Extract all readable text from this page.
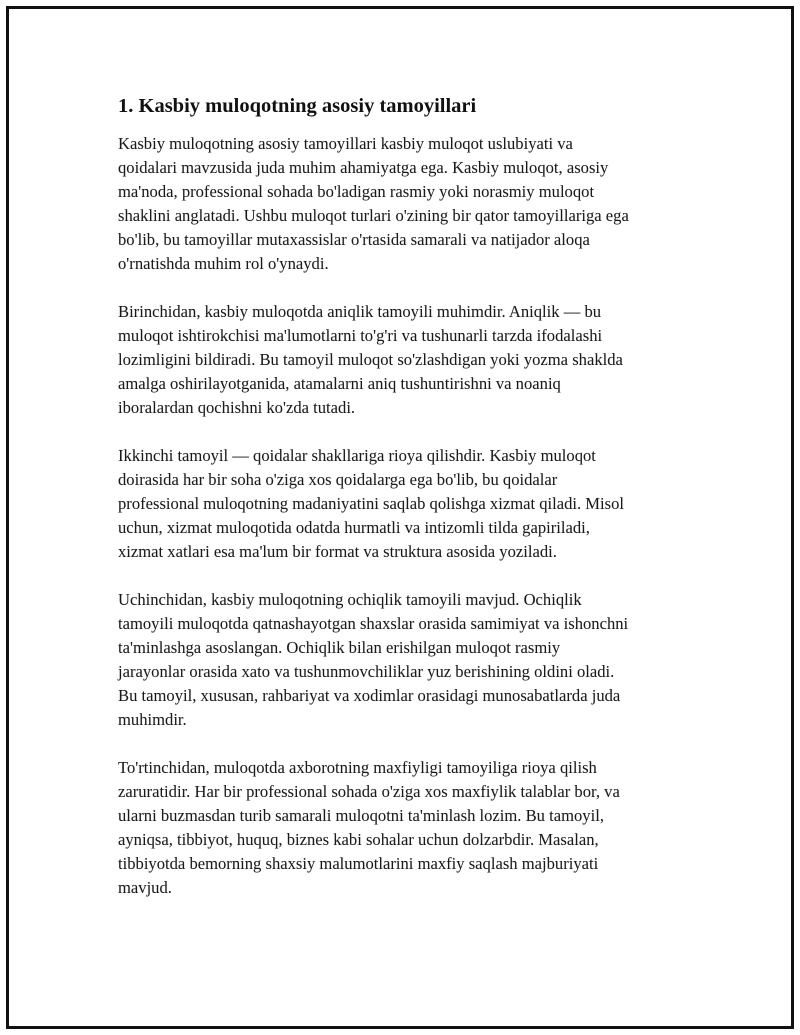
1. Kasbiy muloqotning asosiy tamoyillari

Kasbiy muloqotning asosiy tamoyillari kasbiy muloqot uslubiyati va
qoidalari mavzusida juda muhim ahamiyatga ega. Kasbiy muloqot, asosiy
ma'noda, professional sohada bo'ladigan rasmiy yoki norasmiy muloqot
shaklini anglatadi. Ushbu muloqot turlari o'zining bir qator tamoyillariga ega
bo'lib, bu tamoyillar mutaxassislar o'rtasida samarali va natijador aloqa
o'rnatishda muhim rol o'ynaydi.

Birinchidan, kasbiy muloqotda aniqlik tamoyili muhimdir. Aniqlik — bu
muloqot ishtirokchisi ma'lumotlarni to'g'ri va tushunarli tarzda ifodalashi
lozimligini bildiradi. Bu tamoyil muloqot so'zlashdigan yoki yozma shaklda
amalga oshirilayotganida, atamalarni aniq tushuntirishni va noaniq
iboralardan qochishni ko'zda tutadi.

Ikkinchi tamoyil — qoidalar shakllariga rioya qilishdir. Kasbiy muloqot
doirasida har bir soha o'ziga xos qoidalarga ega bo'lib, bu qoidalar
professional muloqotning madaniyatini saqlab qolishga xizmat qiladi. Misol
uchun, xizmat muloqotida odatda hurmatli va intizomli tilda gapiriladi,
xizmat xatlari esa ma'lum bir format va struktura asosida yoziladi.

Uchinchidan, kasbiy muloqotning ochiqlik tamoyili mavjud. Ochiqlik
tamoyili muloqotda qatnashayotgan shaxslar orasida samimiyat va ishonchni
ta'minlashga asoslangan. Ochiqlik bilan erishilgan muloqot rasmiy
jarayonlar orasida xato va tushunmovchiliklar yuz berishining oldini oladi.
Bu tamoyil, xususan, rahbariyat va xodimlar orasidagi munosabatlarda juda
muhimdir.

To'rtinchidan, muloqotda axborotning maxfiyligi tamoyiliga rioya qilish
zaruratidir. Har bir professional sohada o'ziga xos maxfiylik talablar bor, va
ularni buzmasdan turib samarali muloqotni ta'minlash lozim. Bu tamoyil,
ayniqsa, tibbiyot, huquq, biznes kabi sohalar uchun dolzarbdir. Masalan,
tibbiyotda bemorning shaxsiy malumotlarini maxfiy saqlash majburiyati
mavjud.
